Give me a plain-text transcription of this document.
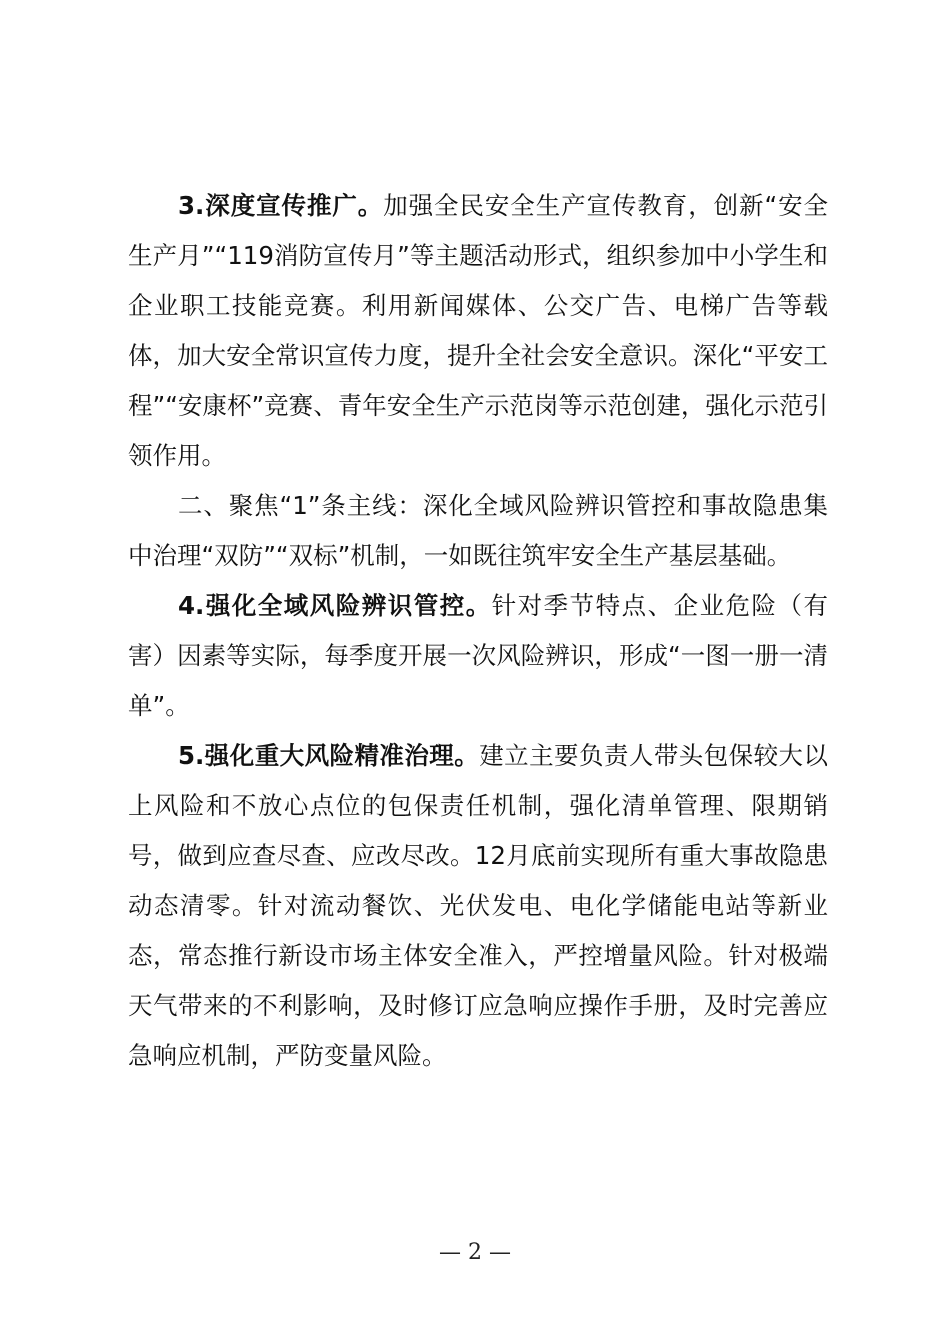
3.深度宣传推广。加强全民安全生产宣传教育，创新“安全生产月”“119消防宣传月”等主题活动形式，组织参加中小学生和企业职工技能竞赛。利用新闻媒体、公交广告、电梯广告等载体，加大安全常识宣传力度，提升全社会安全意识。深化“平安工程”“安康杯”竞赛、青年安全生产示范岗等示范创建，强化示范引领作用。

二、聚焦“1”条主线：深化全域风险辨识管控和事故隐患集中治理“双防”“双标”机制，一如既往筑牢安全生产基层基础。

4.强化全域风险辨识管控。针对季节特点、企业危险（有害）因素等实际，每季度开展一次风险辨识，形成“一图一册一清单”。

5.强化重大风险精准治理。建立主要负责人带头包保较大以上风险和不放心点位的包保责任机制，强化清单管理、限期销号，做到应查尽查、应改尽改。12月底前实现所有重大事故隐患动态清零。针对流动餐饮、光伏发电、电化学储能电站等新业态，常态推行新设市场主体安全准入，严控增量风险。针对极端天气带来的不利影响，及时修订应急响应操作手册，及时完善应急响应机制，严防变量风险。

— 2 —
